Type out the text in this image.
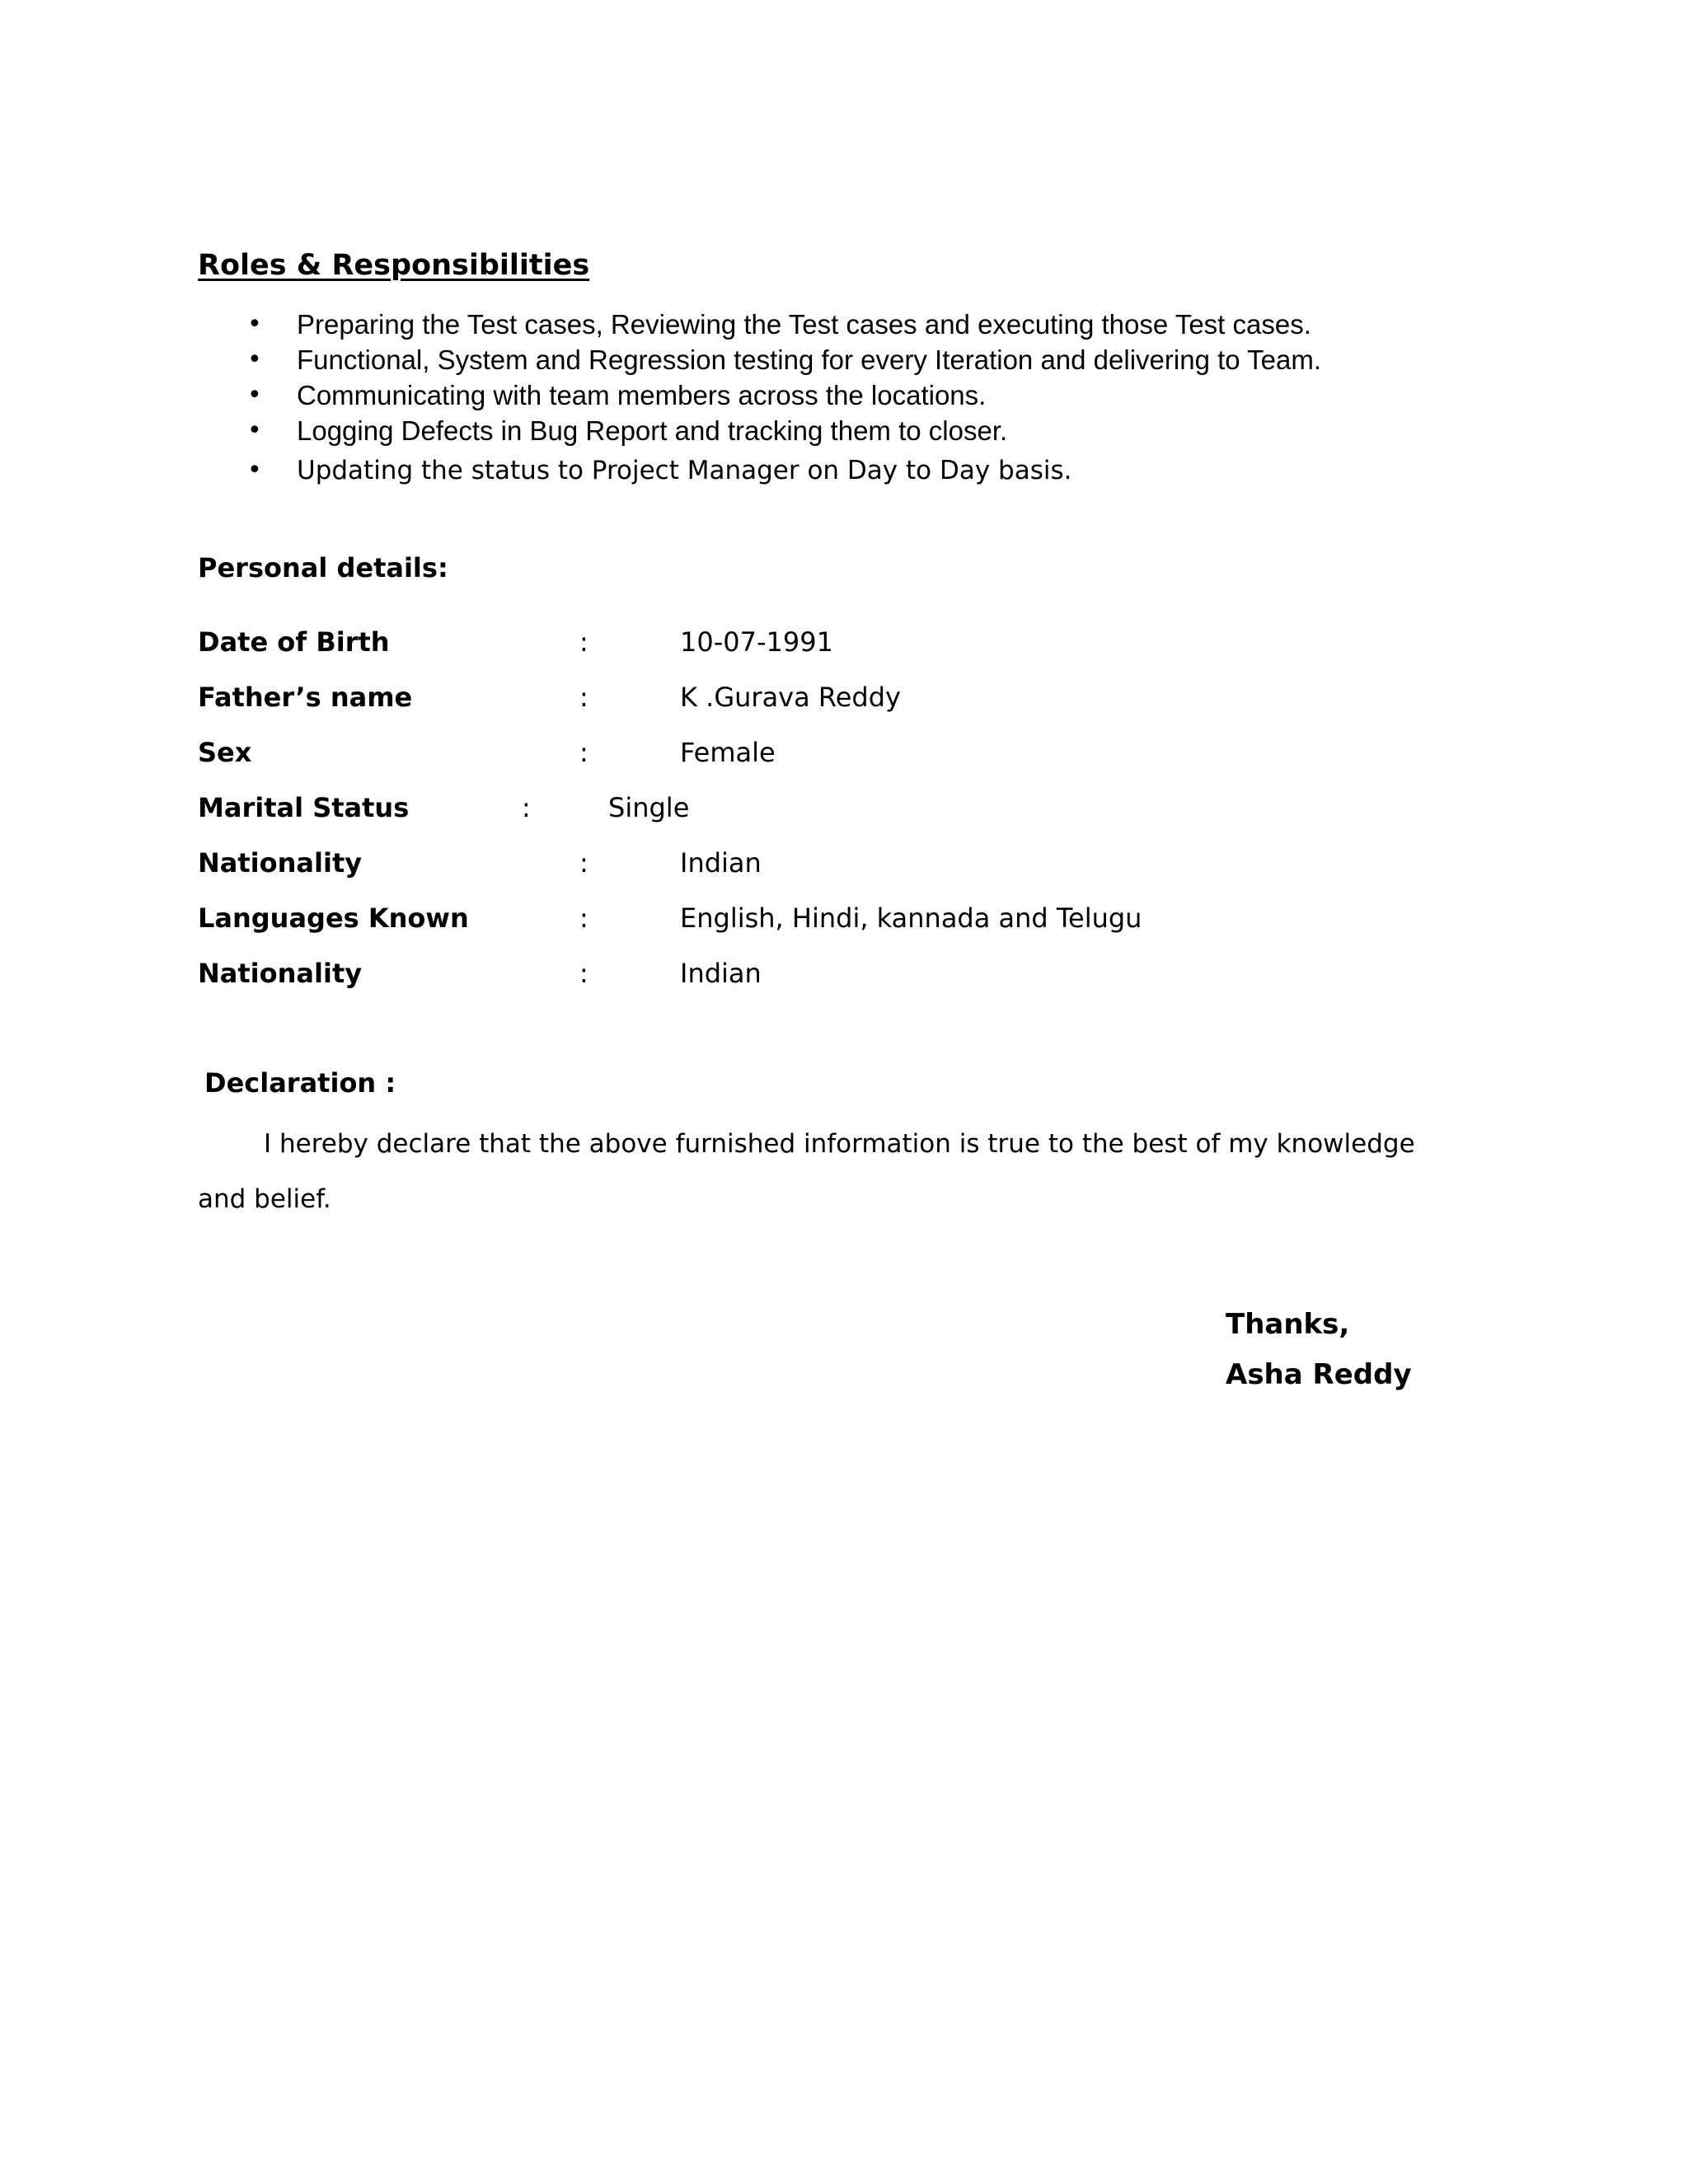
Roles & Responsibilities
• Preparing the Test cases, Reviewing the Test cases and executing those Test cases.
• Functional, System and Regression testing for every Iteration and delivering to Team.
• Communicating with team members across the locations.
• Logging Defects in Bug Report and tracking them to closer.
• Updating the status to Project Manager on Day to Day basis.
Personal details:
Date of Birth	:	10-07-1991
Father’s name	:	K .Gurava Reddy
Sex	:	Female
Marital Status	:	Single
Nationality	:	Indian
Languages Known	:	English, Hindi, kannada and Telugu
Nationality	:	Indian
Declaration :

I hereby declare that the above furnished information is true to the best of my knowledge and belief.

Thanks,
Asha Reddy
